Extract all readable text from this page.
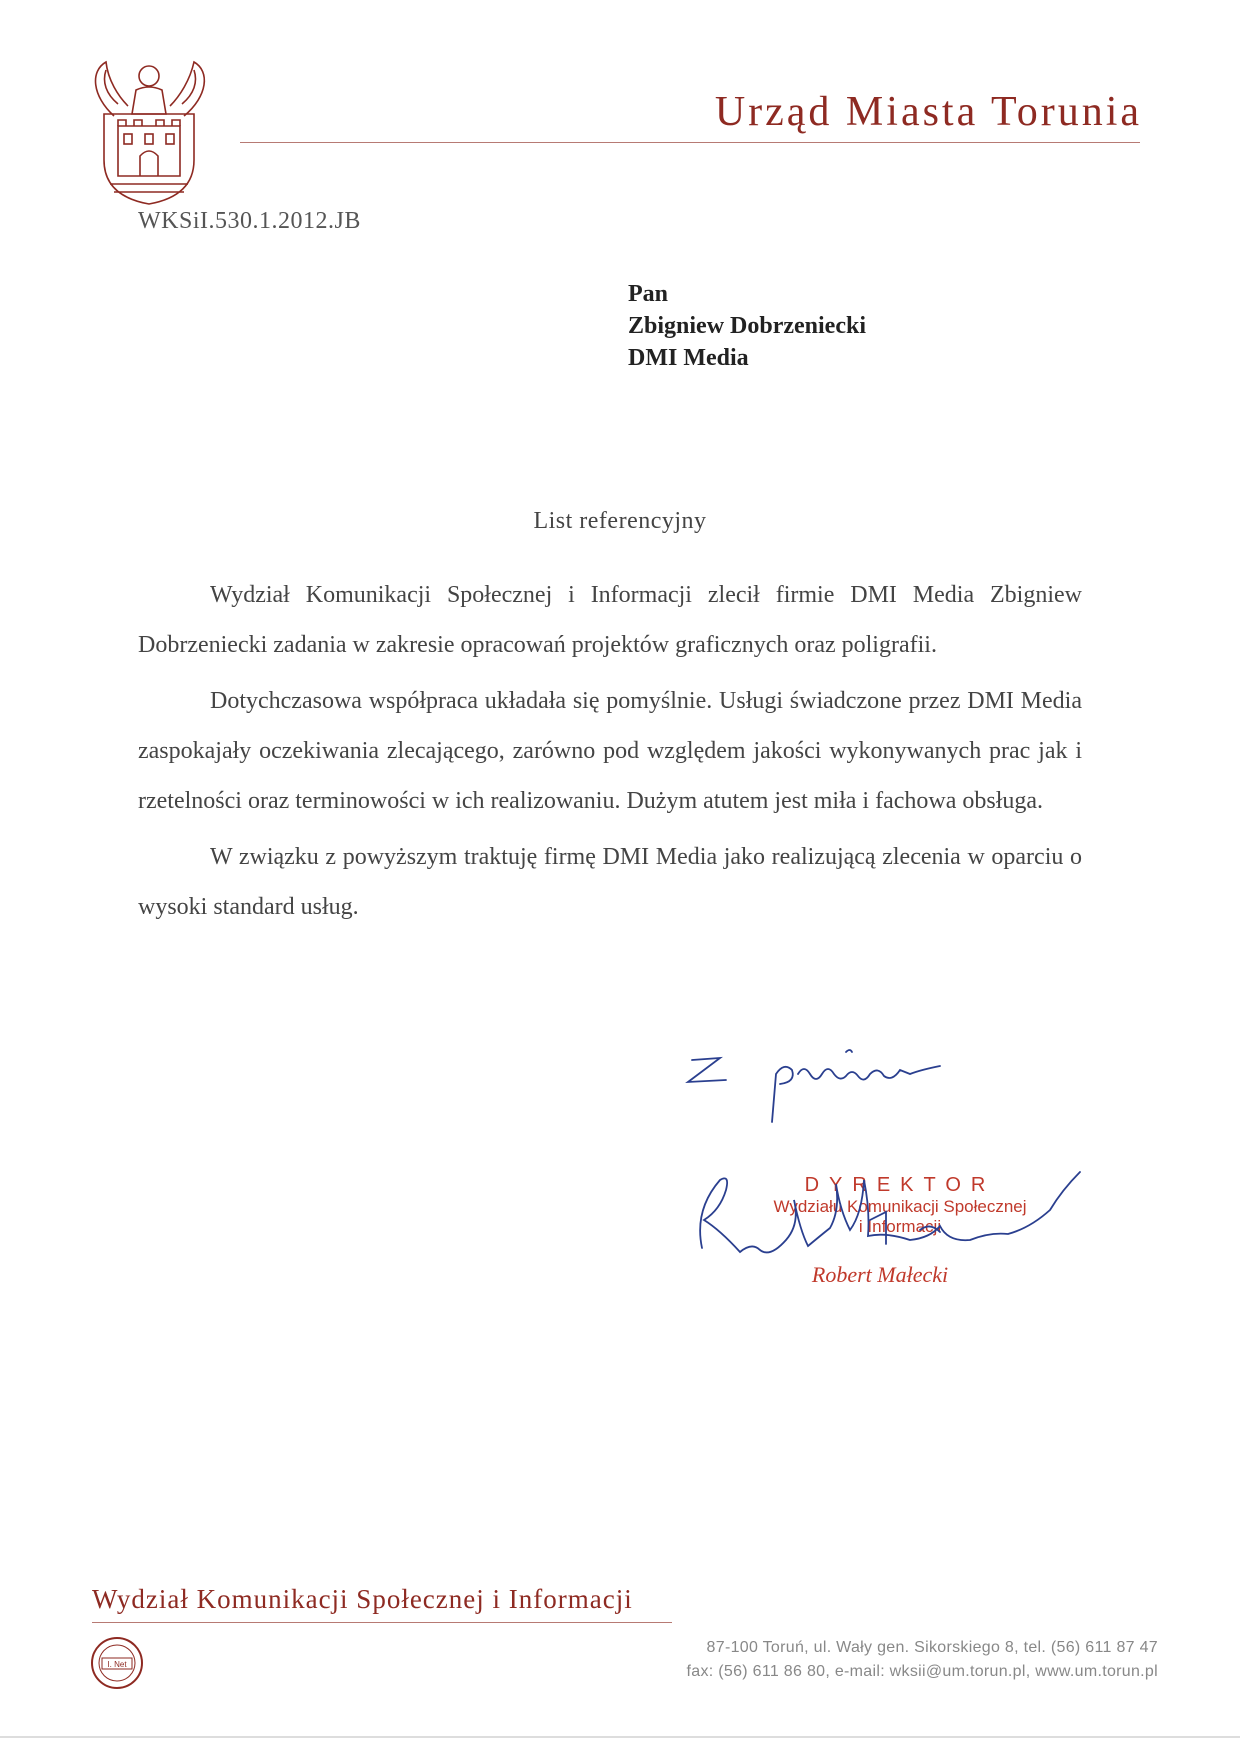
Urząd Miasta Torunia
WKSiI.530.1.2012.JB
Pan
Zbigniew Dobrzeniecki
DMI Media
List referencyjny

Wydział Komunikacji Społecznej i Informacji zlecił firmie DMI Media Zbigniew Dobrzeniecki zadania w zakresie opracowań projektów graficznych oraz poligrafii.

Dotychczasowa współpraca układała się pomyślnie. Usługi świadczone przez DMI Media zaspokajały oczekiwania zlecającego, zarówno pod względem jakości wykonywanych prac jak i rzetelności oraz terminowości w ich realizowaniu. Dużym atutem jest miła i fachowa obsługa.

W związku z powyższym traktuję firmę DMI Media jako realizującą zlecenia w oparciu o wysoki standard usług.

DYREKTOR
Wydziału Komunikacji Społecznej
i Informacji
Robert Małecki
Wydział Komunikacji Społecznej i Informacji
I. Net
87-100 Toruń, ul. Wały gen. Sikorskiego 8, tel. (56) 611 87 47
fax: (56) 611 86 80, e-mail: wksii@um.torun.pl, www.um.torun.pl
